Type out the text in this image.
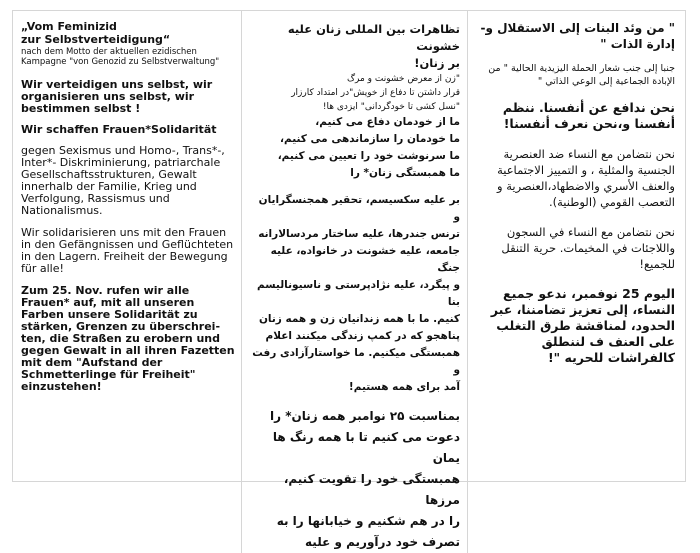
„Vom Feminizid

zur Selbstverteidigung“

nach dem Motto der aktuellen ezidischen Kampagne "von Genozid zu Selbstverwaltung"

Wir verteidigen uns selbst, wir organisieren uns selbst, wir bestimmen selbst !

Wir schaffen Frauen*Solidarität

gegen Sexismus und Homo-, Trans*-, Inter*- Diskriminierung, patriarchale Gesellschaftsstrukturen, Gewalt innerhalb der Familie, Krieg und Verfolgung, Rassismus und Nationalismus.

Wir solidarisieren uns mit den Frauen in den Gefängnissen und Geflüchteten in den Lagern. Freiheit der Bewegung für alle!

Zum 25. Nov. rufen wir alle Frauen* auf, mit all unseren Farben unsere Solidarität zu stärken, Grenzen zu überschrei-ten, die Straßen zu erobern und gegen Gewalt in all ihren Fazetten mit dem "Aufstand der Schmetterlinge für Freiheit" einzustehen!

تظاهرات بین المللی زنان علیه خشونت

بر زنان!

"زن از معرض خشونت و مرگ

قرار داشتن تا دفاع از خویش"در امتداد کارزار

"نسل کشی تا خودگردانی" ایزدی ها!

ما از خودمان دفاع می کنیم،

ما خودمان را سازماندهی می کنیم،

ما سرنوشت خود را تعیین می کنیم،

ما همبستگی زنان* را

بر علیه سکسیسم، تحقیر همجنسگرایان و

ترنس جندرها، علیه ساختار مردسالارانه

جامعه، علیه خشونت در خانواده، علیه جنگ

و پیگرد، علیه نژادپرستی و ناسیونالیسم بنا

کنیم. ما با همه زندانیان زن و همه زنان

پناهجو که در کمپ زندگی میکنند اعلام

همبستگی میکنیم. ما خواستارآزادی رفت و

آمد برای همه هستیم!

بمناسبت ۲۵ نوامبر همه زنان* را

دعوت می کنیم تا با همه رنگ ها یمان

همبستگی خود را تقویت کنیم، مرزها

را در هم شکنیم و خیابانها را به

تصرف خود درآوریم و علیه

" من وئد البنات إلى الاستقلال و- إدارة الذات "

جنبا إلى جنب شعار الحملة اليزيدية الحالية " من الإبادة الجماعية إلى الوعي الذاتي "

نحن ندافع عن أنفسنا. ننظم أنفسنا و،نحن نعرف أنفسنا!

نحن نتضامن مع النساء ضد العنصرية الجنسية والمثلية ، و التمييز الاجتماعية والعنف الأسري والاضطهاد،العنصرية و التعصب القومي (الوطنية).

نحن نتضامن مع النساء في السجون واللاجئات في المخيمات. حرية التنقل للجميع!

اليوم 25 نوفمبر، ندعو جميع النساء، إلى تعزيز تضامننا، عبر الحدود، لمناقشة طرق التغلب على العنف ف لننطلق كالفراشات للحريه "!
